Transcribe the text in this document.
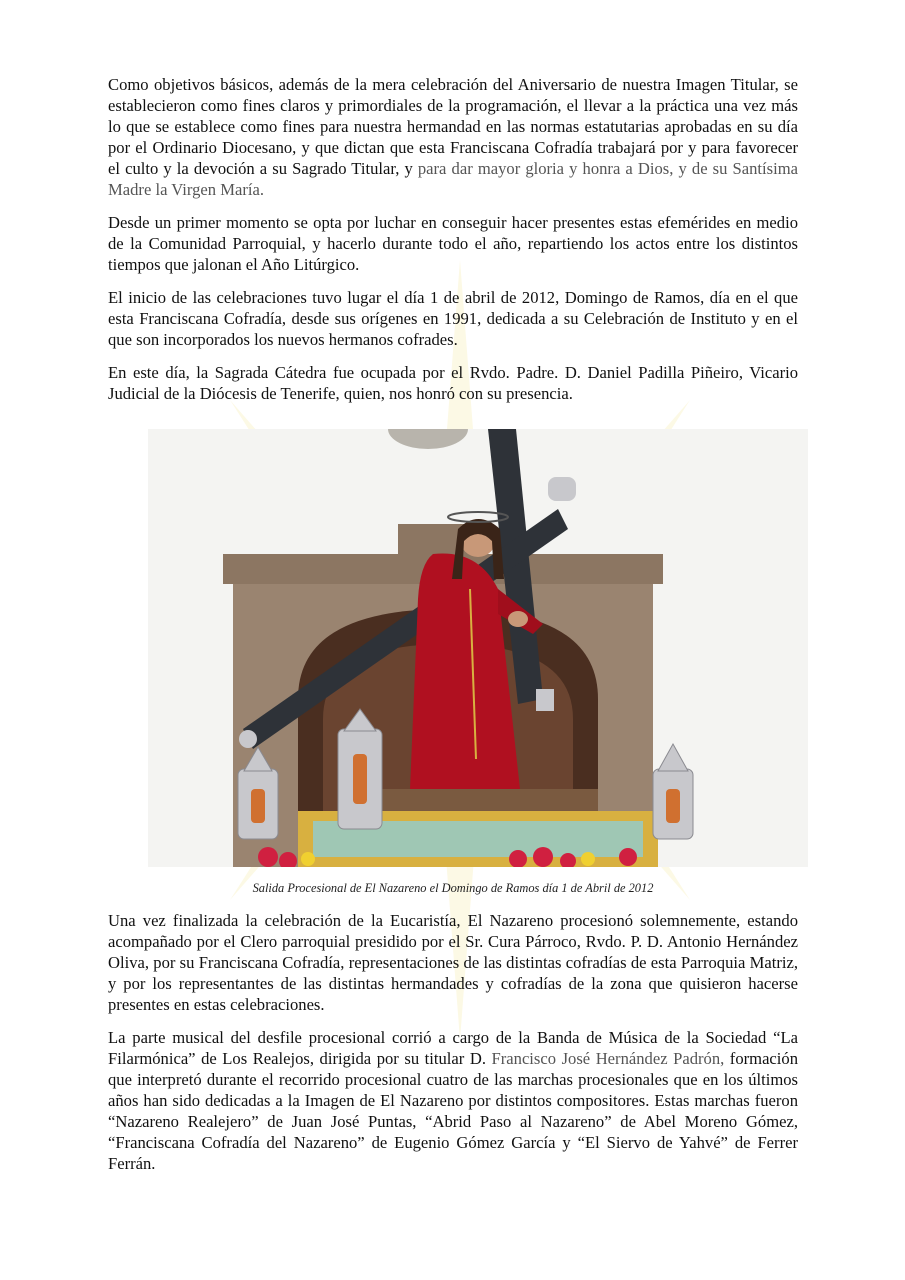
Como objetivos básicos, además de la mera celebración del Aniversario de nuestra Imagen Titular, se establecieron como fines claros y primordiales de la programación, el llevar a la práctica una vez más lo que se establece como fines para nuestra hermandad en las normas estatutarias aprobadas en su día por el Ordinario Diocesano, y que dictan que esta Franciscana Cofradía trabajará por y para favorecer el culto y la devoción a su Sagrado Titular, y para dar mayor gloria y honra a Dios, y de su Santísima Madre la Virgen María.

Desde un primer momento se opta por luchar en conseguir hacer presentes estas efemérides en medio de la Comunidad Parroquial, y hacerlo durante todo el año, repartiendo los actos entre los distintos tiempos que jalonan el Año Litúrgico.

El inicio de las celebraciones tuvo lugar el día 1 de abril de 2012, Domingo de Ramos, día en el que esta Franciscana Cofradía, desde sus orígenes en 1991, dedicada a su Celebración de Instituto y en el que son incorporados los nuevos hermanos cofrades.

En este día, la Sagrada Cátedra fue ocupada por el Rvdo. Padre. D. Daniel Padilla Piñeiro, Vicario Judicial de la Diócesis de Tenerife, quien, nos honró con su presencia.

Salida Procesional de El Nazareno el Domingo de Ramos día 1 de Abril de 2012

Una vez finalizada la celebración de la Eucaristía, El Nazareno procesionó solemnemente, estando acompañado por el Clero parroquial presidido por el Sr. Cura Párroco, Rvdo. P. D. Antonio Hernández Oliva, por su Franciscana Cofradía, representaciones de las distintas cofradías de esta Parroquia Matriz, y por los representantes de las distintas hermandades y cofradías de la zona que quisieron hacerse presentes en estas celebraciones.

La parte musical del desfile procesional corrió a cargo de la Banda de Música de la Sociedad “La Filarmónica” de Los Realejos, dirigida por su titular D. Francisco José Hernández Padrón, formación que interpretó durante el recorrido procesional cuatro de las marchas procesionales que en los últimos años han sido dedicadas a la Imagen de El Nazareno por distintos compositores. Estas marchas fueron “Nazareno Realejero” de Juan José Puntas, “Abrid Paso al Nazareno” de Abel Moreno Gómez, “Franciscana Cofradía del Nazareno” de Eugenio Gómez García y “El Siervo de Yahvé” de Ferrer Ferrán.
